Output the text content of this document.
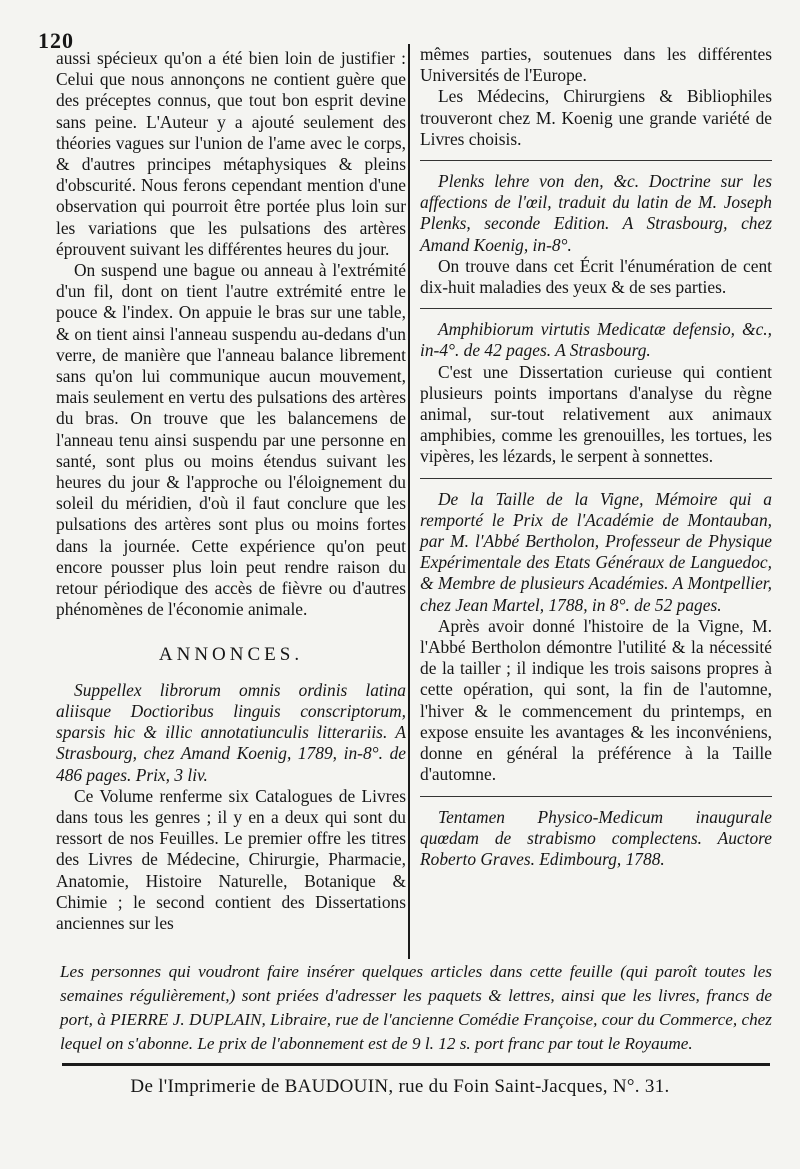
120

aussi spécieux qu'on a été bien loin de justifier : Celui que nous annonçons ne contient guère que des préceptes connus, que tout bon esprit devine sans peine. L'Auteur y a ajouté seulement des théories vagues sur l'union de l'ame avec le corps, & d'autres principes métaphysiques & pleins d'obscurité. Nous ferons cependant mention d'une observation qui pourroit être portée plus loin sur les variations que les pulsations des artères éprouvent suivant les différentes heures du jour.

On suspend une bague ou anneau à l'extrémité d'un fil, dont on tient l'autre extrémité entre le pouce & l'index. On appuie le bras sur une table, & on tient ainsi l'anneau suspendu au-dedans d'un verre, de manière que l'anneau balance librement sans qu'on lui communique aucun mouvement, mais seulement en vertu des pulsations des artères du bras. On trouve que les balancemens de l'anneau tenu ainsi suspendu par une personne en santé, sont plus ou moins étendus suivant les heures du jour & l'approche ou l'éloignement du soleil du méridien, d'où il faut conclure que les pulsations des artères sont plus ou moins fortes dans la journée. Cette expérience qu'on peut encore pousser plus loin peut rendre raison du retour périodique des accès de fièvre ou d'autres phénomènes de l'économie animale.

ANNONCES.

Suppellex librorum omnis ordinis latina aliisque Doctioribus linguis conscriptorum, sparsis hic & illic annotatiunculis litterariis. A Strasbourg, chez Amand Koenig, 1789, in-8°. de 486 pages. Prix, 3 liv.

Ce Volume renferme six Catalogues de Livres dans tous les genres ; il y en a deux qui sont du ressort de nos Feuilles. Le premier offre les titres des Livres de Médecine, Chirurgie, Pharmacie, Anatomie, Histoire Naturelle, Botanique & Chimie ; le second contient des Dissertations anciennes sur les

mêmes parties, soutenues dans les différentes Universités de l'Europe.

Les Médecins, Chirurgiens & Bibliophiles trouveront chez M. Koenig une grande variété de Livres choisis.

Plenks lehre von den, &c. Doctrine sur les affections de l'œil, traduit du latin de M. Joseph Plenks, seconde Edition. A Strasbourg, chez Amand Koenig, in-8°.

On trouve dans cet Écrit l'énumération de cent dix-huit maladies des yeux & de ses parties.

Amphibiorum virtutis Medicatæ defensio, &c., in-4°. de 42 pages. A Strasbourg.

C'est une Dissertation curieuse qui contient plusieurs points importans d'analyse du règne animal, sur-tout relativement aux animaux amphibies, comme les grenouilles, les tortues, les vipères, les lézards, le serpent à sonnettes.

De la Taille de la Vigne, Mémoire qui a remporté le Prix de l'Académie de Montauban, par M. l'Abbé Bertholon, Professeur de Physique Expérimentale des Etats Généraux de Languedoc, & Membre de plusieurs Académies. A Montpellier, chez Jean Martel, 1788, in 8°. de 52 pages.

Après avoir donné l'histoire de la Vigne, M. l'Abbé Bertholon démontre l'utilité & la nécessité de la tailler ; il indique les trois saisons propres à cette opération, qui sont, la fin de l'automne, l'hiver & le commencement du printemps, en expose ensuite les avantages & les inconvéniens, donne en général la préférence à la Taille d'automne.

Tentamen Physico-Medicum inaugurale quœdam de strabismo complectens. Auctore Roberto Graves. Edimbourg, 1788.

Les personnes qui voudront faire insérer quelques articles dans cette feuille (qui paroît toutes les semaines régulièrement,) sont priées d'adresser les paquets & lettres, ainsi que les livres, francs de port, à PIERRE J. DUPLAIN, Libraire, rue de l'ancienne Comédie Françoise, cour du Commerce, chez lequel on s'abonne. Le prix de l'abonnement est de 9 l. 12 s. port franc par tout le Royaume.
De l'Imprimerie de BAUDOUIN, rue du Foin Saint-Jacques, N°. 31.
